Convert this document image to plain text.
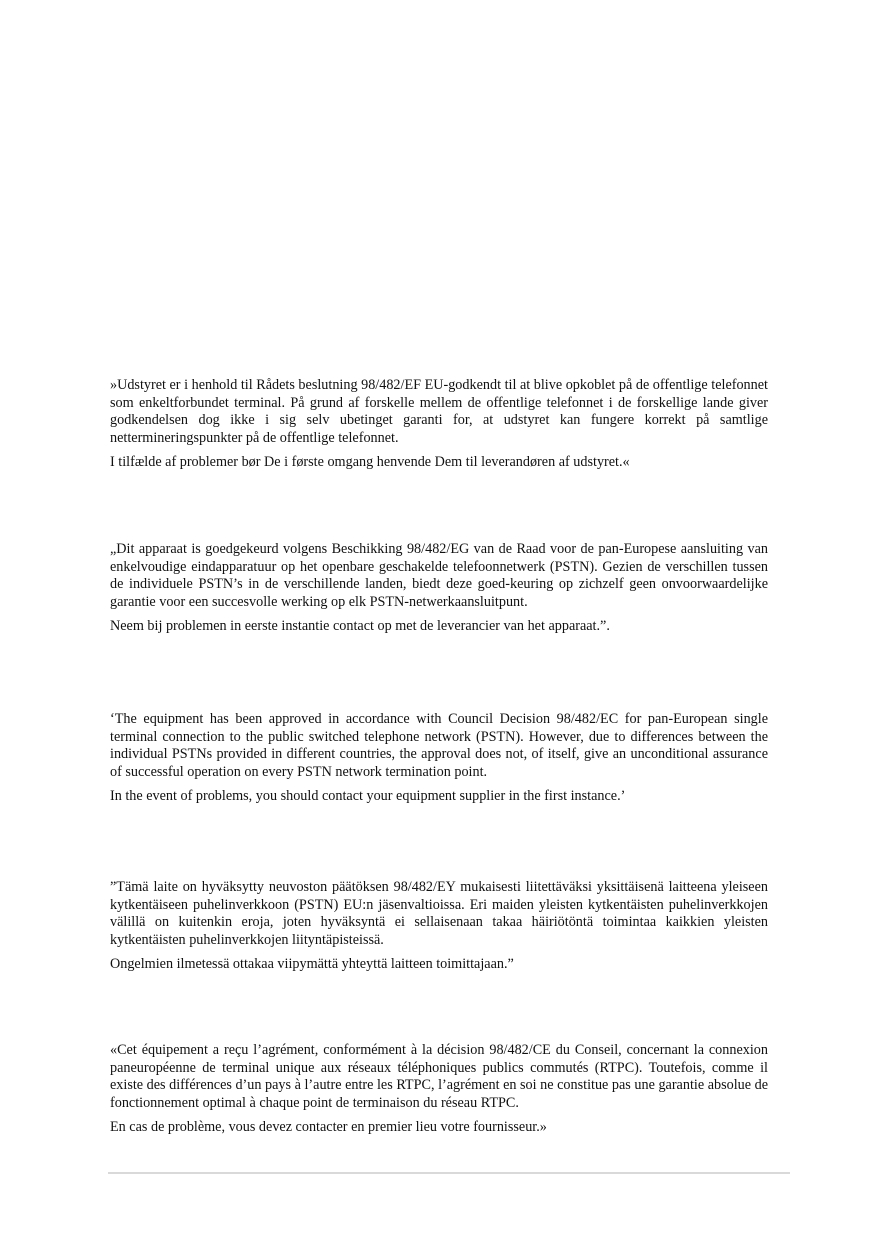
»Udstyret er i henhold til Rådets beslutning 98/482/EF EU-godkendt til at blive opkoblet på de offentlige telefonnet som enkeltforbundet terminal. På grund af forskelle mellem de offentlige telefonnet i de forskellige lande giver godkendelsen dog ikke i sig selv ubetinget garanti for, at udstyret kan fungere korrekt på samtlige nettermineringspunkter på de offentlige telefonnet.

I tilfælde af problemer bør De i første omgang henvende Dem til leverandøren af udstyret.«

„Dit apparaat is goedgekeurd volgens Beschikking 98/482/EG van de Raad voor de pan-Europese aansluiting van enkelvoudige eindapparatuur op het openbare geschakelde telefoonnetwerk (PSTN). Gezien de verschillen tussen de individuele PSTN’s in de verschillende landen, biedt deze goed-keuring op zichzelf geen onvoorwaardelijke garantie voor een succesvolle werking op elk PSTN-netwerkaansluitpunt.

Neem bij problemen in eerste instantie contact op met de leverancier van het apparaat.”.

‘The equipment has been approved in accordance with Council Decision 98/482/EC for pan-European single terminal connection to the public switched telephone network (PSTN). However, due to differences between the individual PSTNs provided in different countries, the approval does not, of itself, give an unconditional assurance of successful operation on every PSTN network termination point.

In the event of problems, you should contact your equipment supplier in the first instance.’

”Tämä laite on hyväksytty neuvoston päätöksen 98/482/EY mukaisesti liitettäväksi yksittäisenä laitteena yleiseen kytkentäiseen puhelinverkkoon (PSTN) EU:n jäsenvaltioissa. Eri maiden yleisten kytkentäisten puhelinverkkojen välillä on kuitenkin eroja, joten hyväksyntä ei sellaisenaan takaa häiriötöntä toimintaa kaikkien yleisten kytkentäisten puhelinverkkojen liityntäpisteissä.

Ongelmien ilmetessä ottakaa viipymättä yhteyttä laitteen toimittajaan.”

«Cet équipement a reçu l’agrément, conformément à la décision 98/482/CE du Conseil, concernant la connexion paneuropéenne de terminal unique aux réseaux téléphoniques publics commutés (RTPC). Toutefois, comme il existe des différences d’un pays à l’autre entre les RTPC, l’agrément en soi ne constitue pas une garantie absolue de fonctionnement optimal à chaque point de terminaison du réseau RTPC.

En cas de problème, vous devez contacter en premier lieu votre fournisseur.»
